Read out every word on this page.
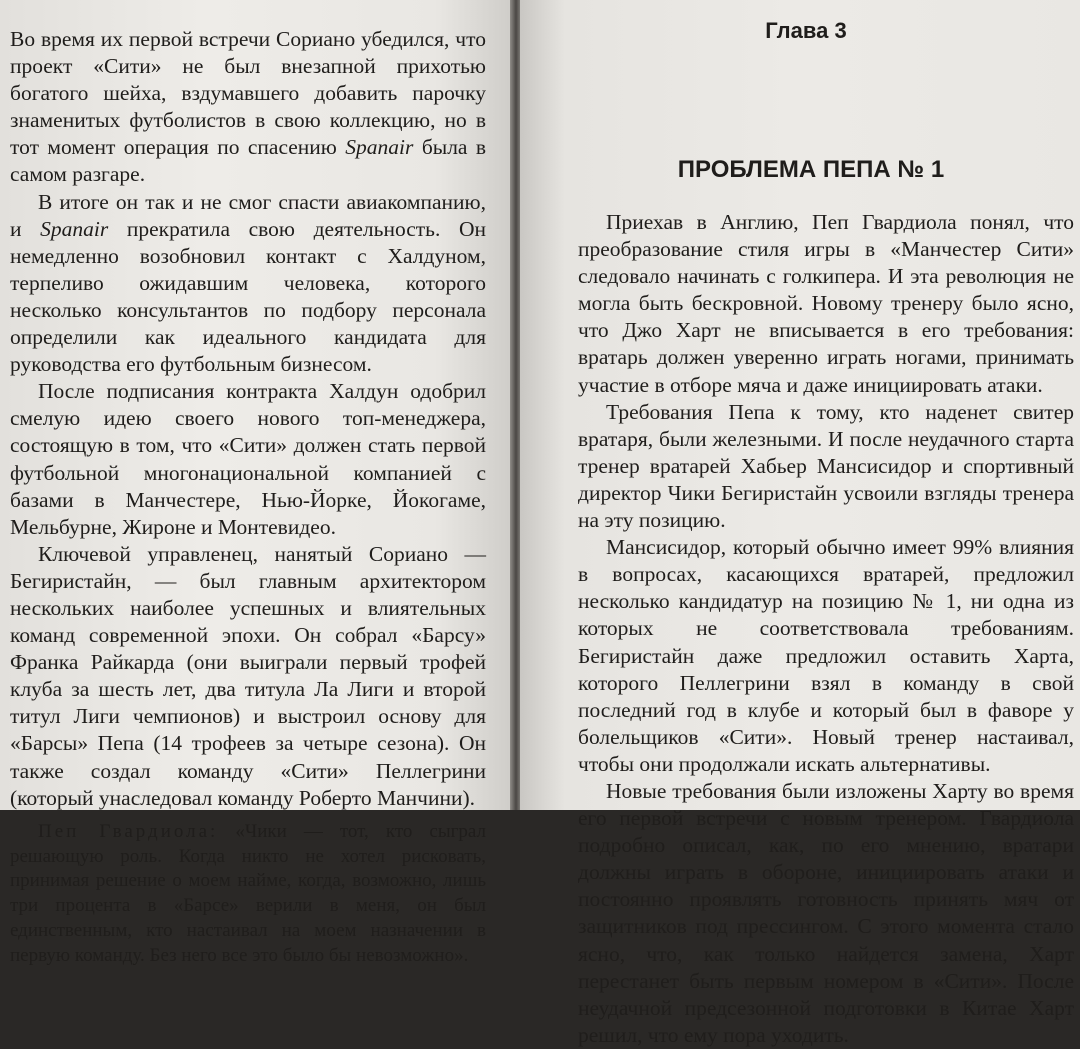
Во время их первой встречи Сориано убедился, что проект «Сити» не был внезапной прихотью богатого шейха, вздумавшего добавить парочку знаменитых футболистов в свою коллекцию, но в тот момент операция по спасению Spanair была в самом разгаре.

В итоге он так и не смог спасти авиакомпанию, и Spanair прекратила свою деятельность. Он немедленно возобновил контакт с Халдуном, терпеливо ожидавшим человека, которого несколько консультантов по подбору персонала определили как идеального кандидата для руководства его футбольным бизнесом.

После подписания контракта Халдун одобрил смелую идею своего нового топ-менеджера, состоящую в том, что «Сити» должен стать первой футбольной многонациональной компанией с базами в Манчестере, Нью-Йорке, Йокогаме, Мельбурне, Жироне и Монтевидео.

Ключевой управленец, нанятый Сориано — Бегиристайн, — был главным архитектором нескольких наиболее успешных и влиятельных команд современной эпохи. Он собрал «Барсу» Франка Райкарда (они выиграли первый трофей клуба за шесть лет, два титула Ла Лиги и второй титул Лиги чемпионов) и выстроил основу для «Барсы» Пепа (14 трофеев за четыре сезона). Он также создал команду «Сити» Пеллегрини (который унаследовал команду Роберто Манчини).

Пеп Гвардиола: «Чики — тот, кто сыграл решающую роль. Когда никто не хотел рисковать, принимая решение о моем найме, когда, возможно, лишь три процента в «Барсе» верили в меня, он был единственным, кто настаивал на моем назначении в первую команду. Без него все это было бы невозможно».

Глава 3
ПРОБЛЕМА ПЕПА № 1

Приехав в Англию, Пеп Гвардиола понял, что преобразование стиля игры в «Манчестер Сити» следовало начинать с голкипера. И эта революция не могла быть бескровной. Новому тренеру было ясно, что Джо Харт не вписывается в его требования: вратарь должен уверенно играть ногами, принимать участие в отборе мяча и даже инициировать атаки.

Требования Пепа к тому, кто наденет свитер вратаря, были железными. И после неудачного старта тренер вратарей Хабьер Мансисидор и спортивный директор Чики Бегиристайн усвоили взгляды тренера на эту позицию.

Мансисидор, который обычно имеет 99% влияния в вопросах, касающихся вратарей, предложил несколько кандидатур на позицию № 1, ни одна из которых не соответствовала требованиям. Бегиристайн даже предложил оставить Харта, которого Пеллегрини взял в команду в свой последний год в клубе и который был в фаворе у болельщиков «Сити». Новый тренер настаивал, чтобы они продолжали искать альтернативы.

Новые требования были изложены Харту во время его первой встречи с новым тренером. Гвардиола подробно описал, как, по его мнению, вратари должны играть в обороне, инициировать атаки и постоянно проявлять готовность принять мяч от защитников под прессингом. С этого момента стало ясно, что, как только найдется замена, Харт перестанет быть первым номером в «Сити». После неудачной предсезонной подготовки в Китае Харт решил, что ему пора уходить.
